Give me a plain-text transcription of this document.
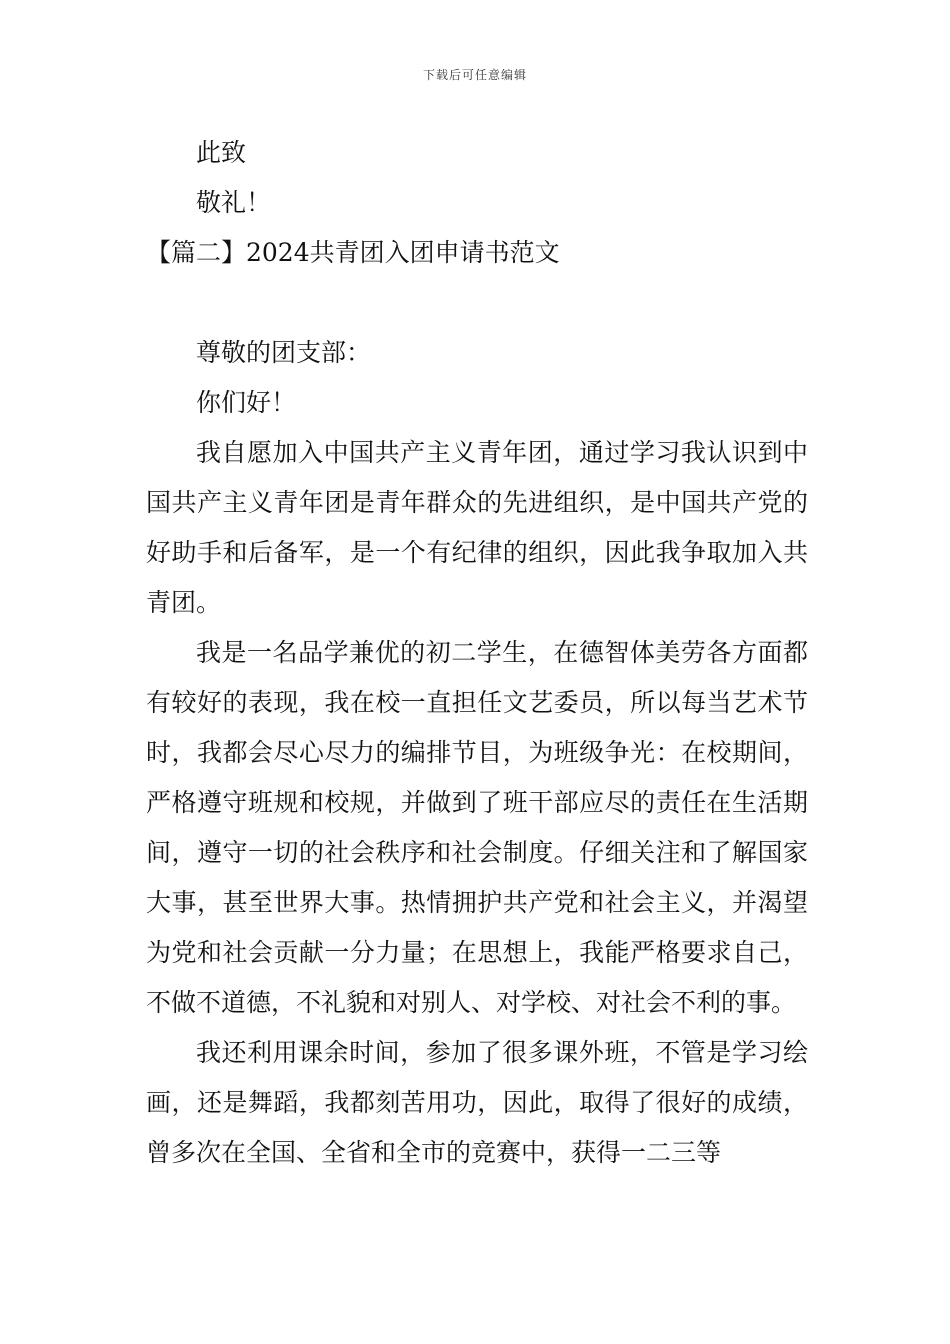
下载后可任意编辑
此致
敬礼！
【篇二】2024共青团入团申请书范文
尊敬的团支部：
你们好！

我自愿加入中国共产主义青年团，通过学习我认识到中国共产主义青年团是青年群众的先进组织，是中国共产党的好助手和后备军，是一个有纪律的组织，因此我争取加入共青团。

我是一名品学兼优的初二学生，在德智体美劳各方面都有较好的表现，我在校一直担任文艺委员，所以每当艺术节时，我都会尽心尽力的编排节目，为班级争光：在校期间，严格遵守班规和校规，并做到了班干部应尽的责任在生活期间，遵守一切的社会秩序和社会制度。仔细关注和了解国家大事，甚至世界大事。热情拥护共产党和社会主义，并渴望为党和社会贡献一分力量；在思想上，我能严格要求自己，不做不道德，不礼貌和对别人、对学校、对社会不利的事。

我还利用课余时间，参加了很多课外班，不管是学习绘画，还是舞蹈，我都刻苦用功，因此，取得了很好的成绩，曾多次在全国、全省和全市的竞赛中，获得一二三等
